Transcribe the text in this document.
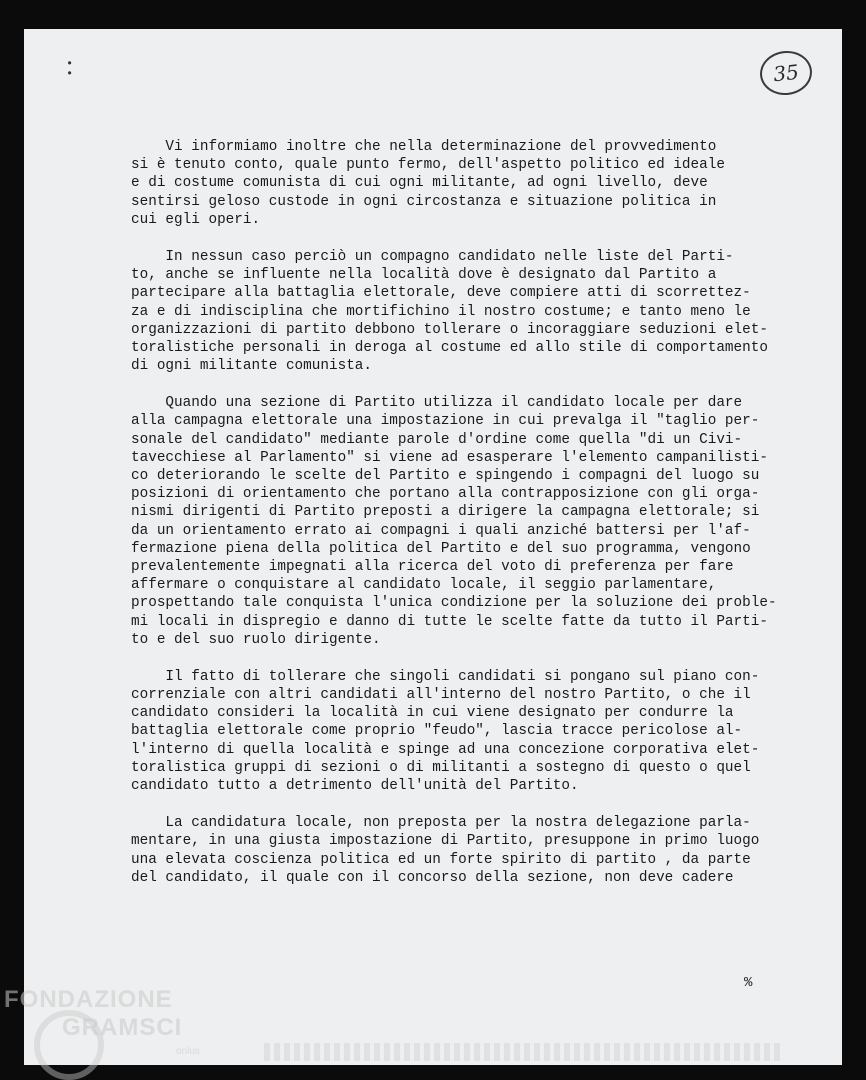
• •	35
Vi informiamo inoltre che nella determinazione del provvedimento
si è tenuto conto, quale punto fermo, dell'aspetto politico ed ideale
e di costume comunista di cui ogni militante, ad ogni livello, deve
sentirsi geloso custode in ogni circostanza e situazione politica in
cui egli operi.
In nessun caso perciò un compagno candidato nelle liste del Parti-
to, anche se influente nella località dove è designato dal Partito a
partecipare alla battaglia elettorale, deve compiere atti di scorrettez-
za e di indisciplina che mortifichino il nostro costume; e tanto meno le
organizzazioni di partito debbono tollerare o incoraggiare seduzioni elet-
toralistiche personali in deroga al costume ed allo stile di comportamento
di ogni militante comunista.
Quando una sezione di Partito utilizza il candidato locale per dare
alla campagna elettorale una impostazione in cui prevalga il "taglio per-
sonale del candidato" mediante parole d'ordine come quella "di un Civi-
tavecchiese al Parlamento" si viene ad esasperare l'elemento campanilisti-
co deteriorando le scelte del Partito e spingendo i compagni del luogo su
posizioni di orientamento che portano alla contrapposizione con gli orga-
nismi dirigenti di Partito preposti a dirigere la campagna elettorale; si
da un orientamento errato ai compagni i quali anziché battersi per l'af-
fermazione piena della politica del Partito e del suo programma, vengono
prevalentemente impegnati alla ricerca del voto di preferenza per fare
affermare o conquistare al candidato locale, il seggio parlamentare,
prospettando tale conquista l'unica condizione per la soluzione dei proble-
mi locali in dispregio e danno di tutte le scelte fatte da tutto il Parti-
to e del suo ruolo dirigente.
Il fatto di tollerare che singoli candidati si pongano sul piano con-
correnziale con altri candidati all'interno del nostro Partito, o che il
candidato consideri la località in cui viene designato per condurre la
battaglia elettorale come proprio "feudo", lascia tracce pericolose al-
l'interno di quella località e spinge ad una concezione corporativa elet-
toralistica gruppi di sezioni o di militanti a sostegno di questo o quel
candidato tutto a detrimento dell'unità del Partito.
La candidatura locale, non preposta per la nostra delegazione parla-
mentare, in una giusta impostazione di Partito, presuppone in primo luogo
una elevata coscienza politica ed un forte spirito di partito , da parte
del candidato, il quale con il concorso della sezione, non deve cadere
%
FONDAZIONE
GRAMSCI
onlus
